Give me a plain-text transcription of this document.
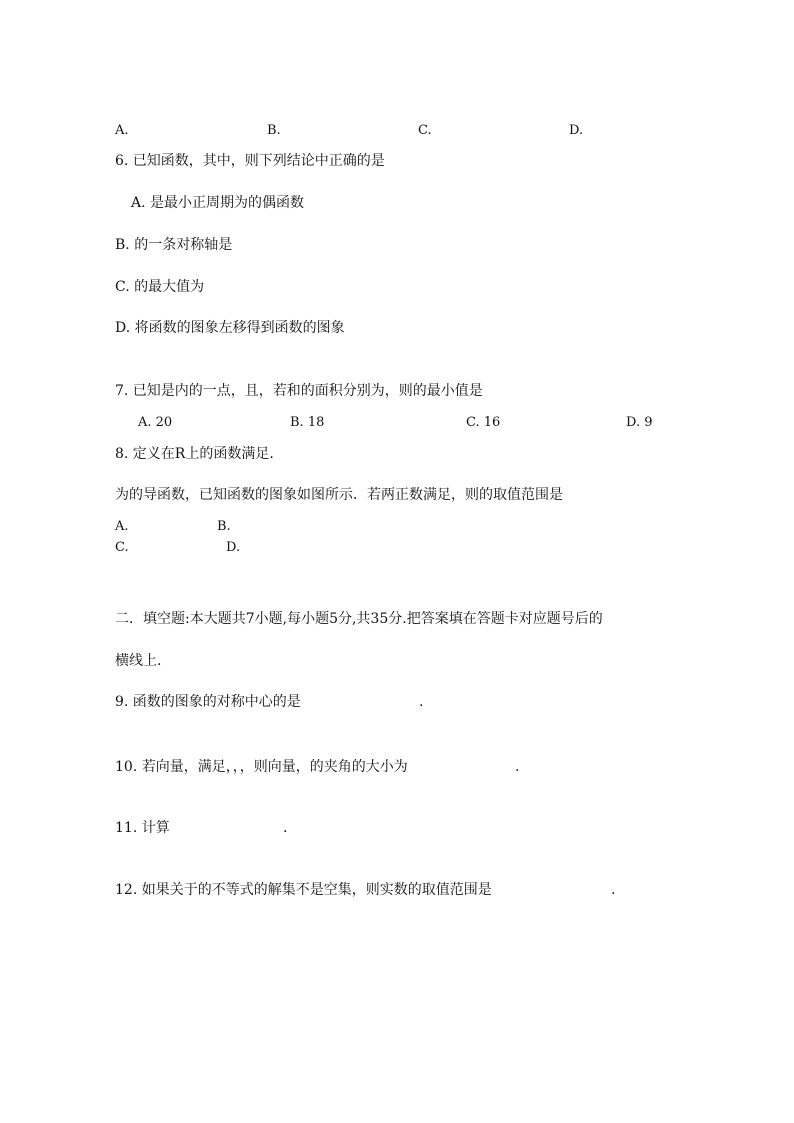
A.	B.	C.	D.
6. 已知函数，其中，则下列结论中正确的是
A. 是最小正周期为的偶函数
B. 的一条对称轴是
C. 的最大值为
D. 将函数的图象左移得到函数的图象
7. 已知是内的一点，且，若和的面积分别为，则的最小值是
A. 20	B. 18	C. 16	D. 9
8. 定义在R上的函数满足.
为的导函数，已知函数的图象如图所示．若两正数满足，则的取值范围是
A.	B.
C.	D.
二．填空题:本大题共7小题,每小题5分,共35分.把答案填在答题卡对应题号后的
横线上.
9. 函数的图象的对称中心的是	.
10. 若向量，满足，，，则向量，的夹角的大小为	.
11. 计算	.
12. 如果关于的不等式的解集不是空集，则实数的取值范围是	.
